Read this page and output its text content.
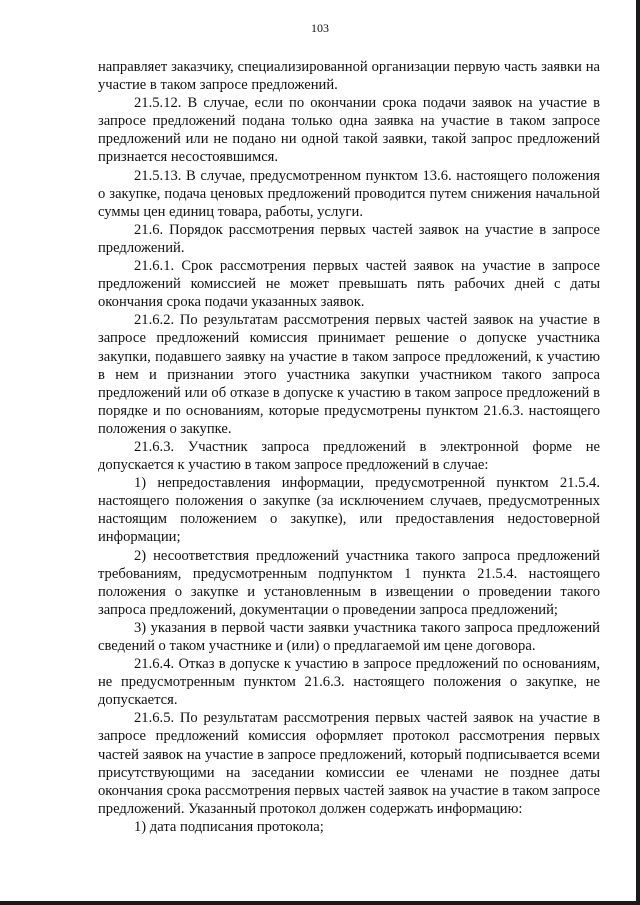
103

направляет заказчику, специализированной организации первую часть заявки на участие в таком запросе предложений.

21.5.12. В случае, если по окончании срока подачи заявок на участие в запросе предложений подана только одна заявка на участие в таком запросе предложений или не подано ни одной такой заявки, такой запрос предложений признается несостоявшимся.

21.5.13. В случае, предусмотренном пунктом 13.6. настоящего положения о закупке, подача ценовых предложений проводится путем снижения начальной суммы цен единиц товара, работы, услуги.

21.6. Порядок рассмотрения первых частей заявок на участие в запросе предложений.

21.6.1. Срок рассмотрения первых частей заявок на участие в запросе предложений комиссией не может превышать пять рабочих дней с даты окончания срока подачи указанных заявок.

21.6.2. По результатам рассмотрения первых частей заявок на участие в запросе предложений комиссия принимает решение о допуске участника закупки, подавшего заявку на участие в таком запросе предложений, к участию в нем и признании этого участника закупки участником такого запроса предложений или об отказе в допуске к участию в таком запросе предложений в порядке и по основаниям, которые предусмотрены пунктом 21.6.3. настоящего положения о закупке.

21.6.3. Участник запроса предложений в электронной форме не допускается к участию в таком запросе предложений в случае:

1) непредоставления информации, предусмотренной пунктом 21.5.4. настоящего положения о закупке (за исключением случаев, предусмотренных настоящим положением о закупке), или предоставления недостоверной информации;

2) несоответствия предложений участника такого запроса предложений требованиям, предусмотренным подпунктом 1 пункта 21.5.4. настоящего положения о закупке и установленным в извещении о проведении такого запроса предложений, документации о проведении запроса предложений;

3) указания в первой части заявки участника такого запроса предложений сведений о таком участнике и (или) о предлагаемой им цене договора.

21.6.4. Отказ в допуске к участию в запросе предложений по основаниям, не предусмотренным пунктом 21.6.3. настоящего положения о закупке, не допускается.

21.6.5. По результатам рассмотрения первых частей заявок на участие в запросе предложений комиссия оформляет протокол рассмотрения первых частей заявок на участие в запросе предложений, который подписывается всеми присутствующими на заседании комиссии ее членами не позднее даты окончания срока рассмотрения первых частей заявок на участие в таком запросе предложений. Указанный протокол должен содержать информацию:

1) дата подписания протокола;
